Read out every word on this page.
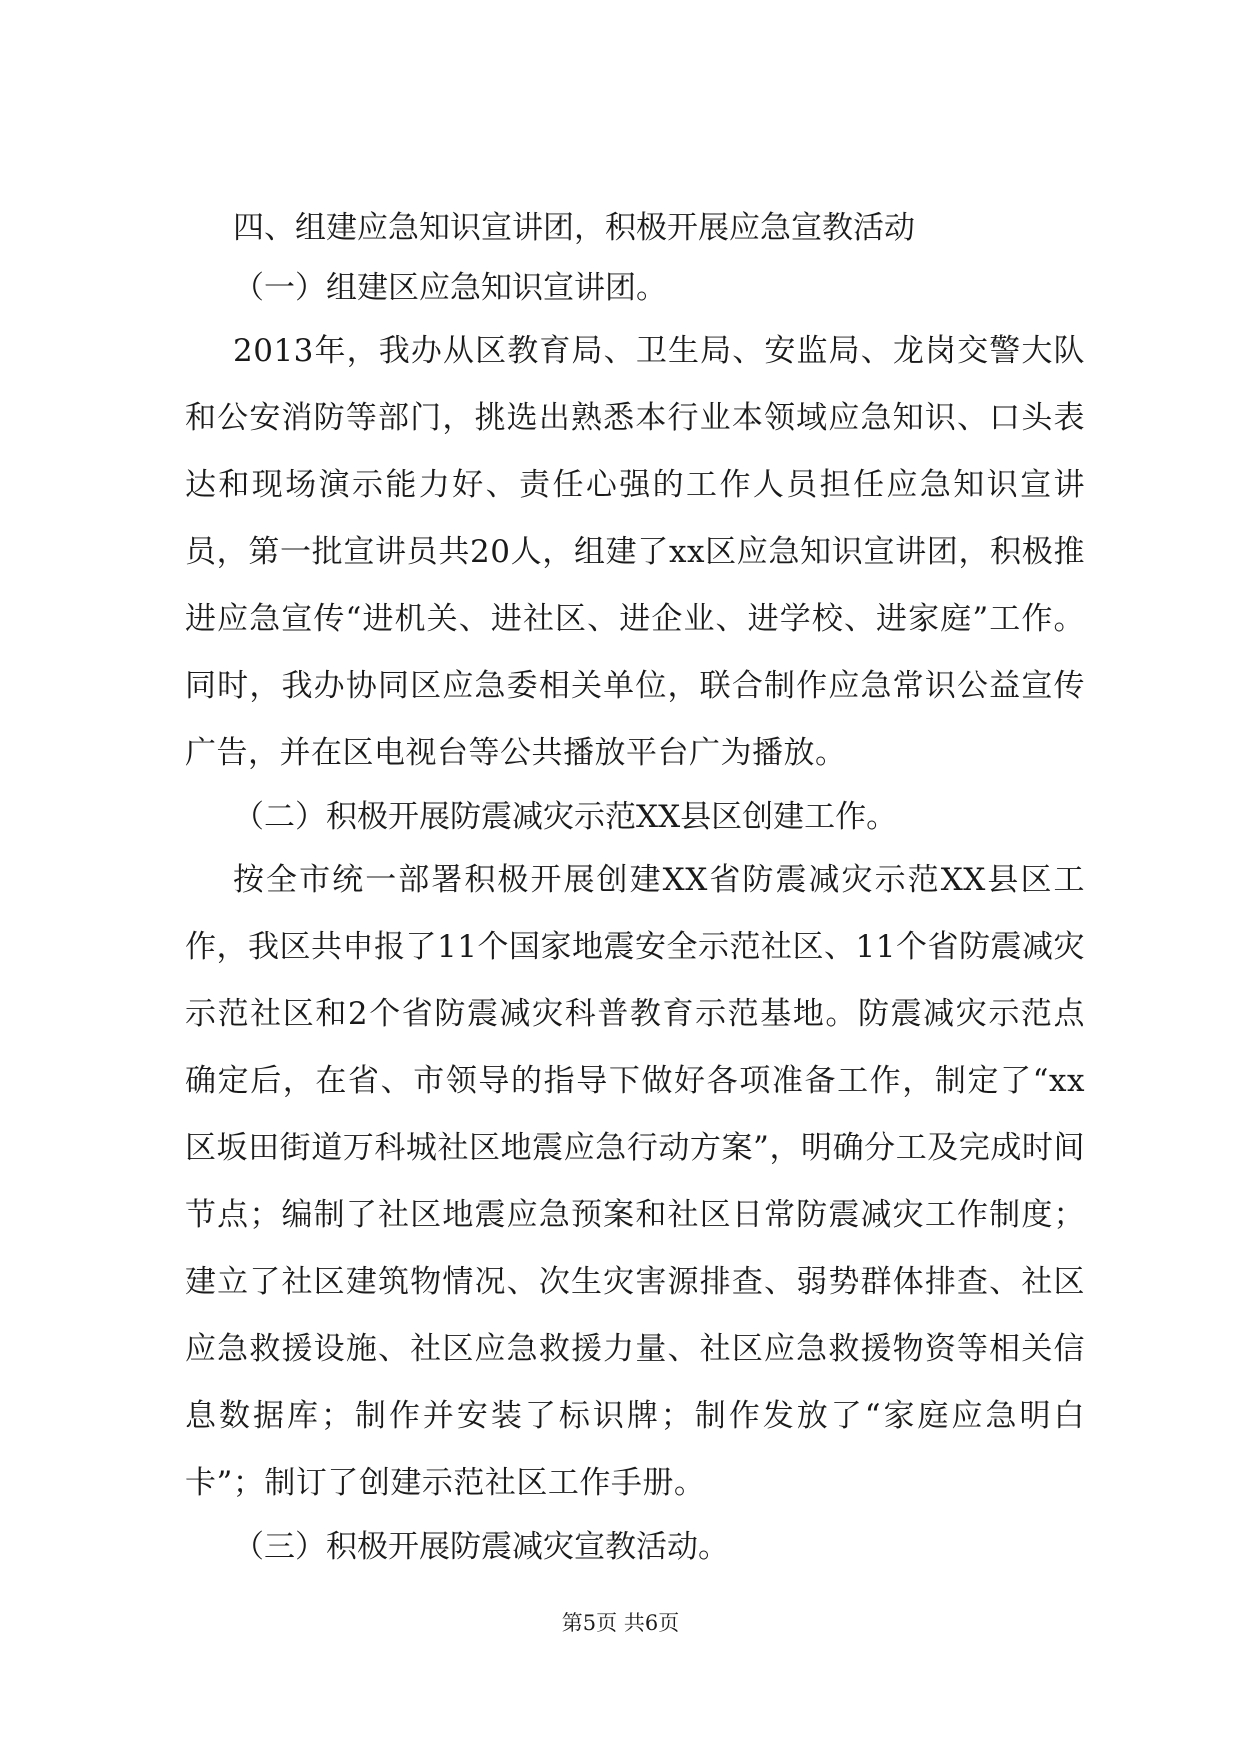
四、组建应急知识宣讲团，积极开展应急宣教活动

（一）组建区应急知识宣讲团。

2013年，我办从区教育局、卫生局、安监局、龙岗交警大队和公安消防等部门，挑选出熟悉本行业本领域应急知识、口头表达和现场演示能力好、责任心强的工作人员担任应急知识宣讲员，第一批宣讲员共20人，组建了xx区应急知识宣讲团，积极推进应急宣传“进机关、进社区、进企业、进学校、进家庭”工作。同时，我办协同区应急委相关单位，联合制作应急常识公益宣传广告，并在区电视台等公共播放平台广为播放。

（二）积极开展防震减灾示范XX县区创建工作。

按全市统一部署积极开展创建XX省防震减灾示范XX县区工作，我区共申报了11个国家地震安全示范社区、11个省防震减灾示范社区和2个省防震减灾科普教育示范基地。防震减灾示范点确定后，在省、市领导的指导下做好各项准备工作，制定了“xx区坂田街道万科城社区地震应急行动方案”，明确分工及完成时间节点；编制了社区地震应急预案和社区日常防震减灾工作制度；建立了社区建筑物情况、次生灾害源排查、弱势群体排查、社区应急救援设施、社区应急救援力量、社区应急救援物资等相关信息数据库；制作并安装了标识牌；制作发放了“家庭应急明白卡”；制订了创建示范社区工作手册。

（三）积极开展防震减灾宣教活动。

第5页 共6页
